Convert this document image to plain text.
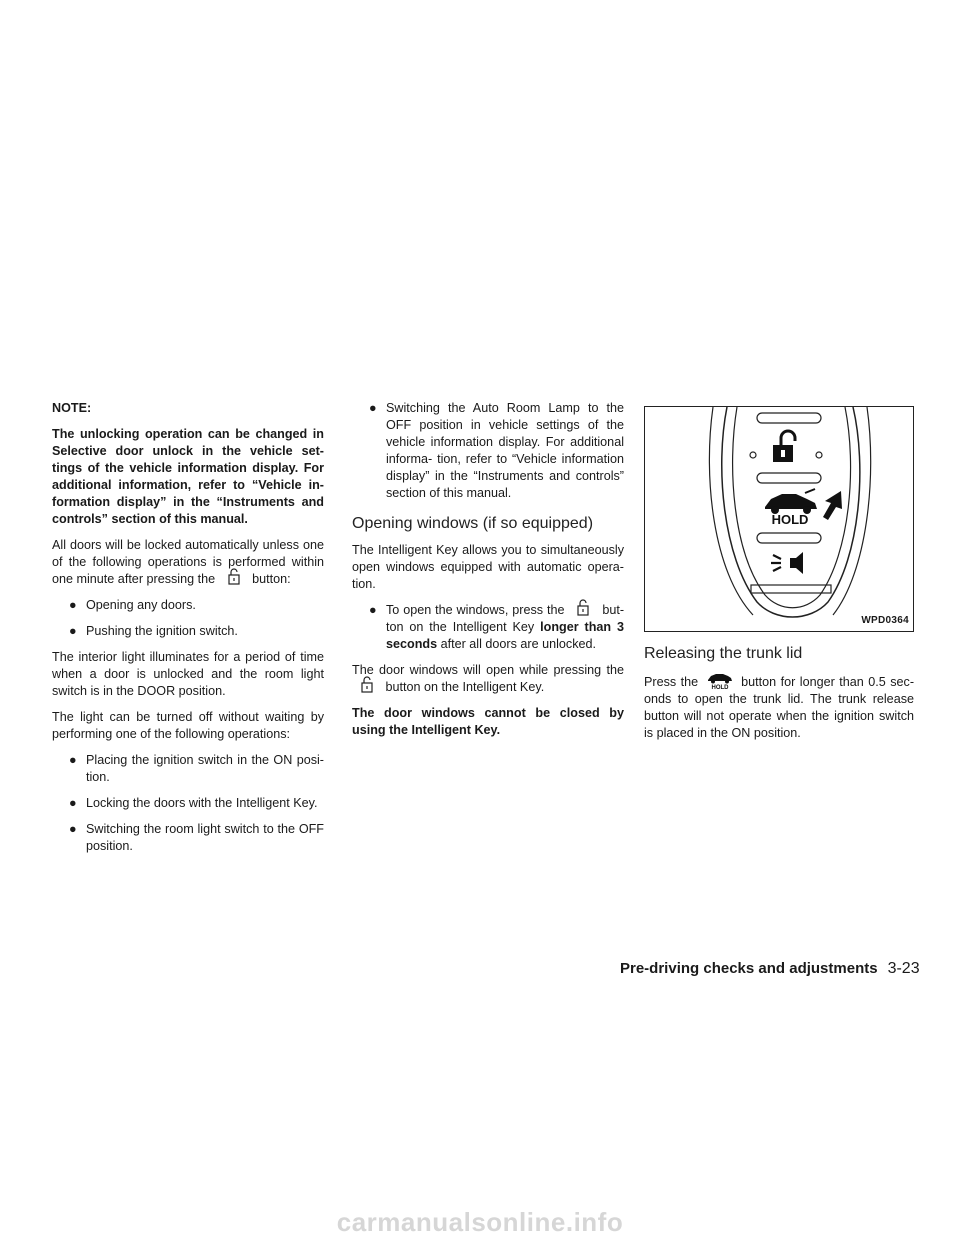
NOTE:

The unlocking operation can be changed in Selective door unlock in the vehicle set- tings of the vehicle information display. For additional information, refer to “Vehicle in- formation display” in the “Instruments and controls” section of this manual.

All doors will be locked automatically unless one of the following operations is performed within one minute after pressing the	button:

● Opening any doors.
● Pushing the ignition switch.

The interior light illuminates for a period of time when a door is unlocked and the room light switch is in the DOOR position.

The light can be turned off without waiting by performing one of the following operations:

● Placing the ignition switch in the ON posi- tion.
● Locking the doors with the Intelligent Key.
● Switching the room light switch to the OFF position.
● Switching the Auto Room Lamp to the OFF position in vehicle settings of the vehicle information display. For additional informa- tion, refer to “Vehicle information display” in the “Instruments and controls” section of this manual.
Opening windows (if so equipped)

The Intelligent Key allows you to simultaneously open windows equipped with automatic opera- tion.

● To open the windows, press the	but- ton on the Intelligent Key longer than 3 seconds after all doors are unlocked.

The door windows will open while pressing the
button on the Intelligent Key.

The door windows cannot be closed by using the Intelligent Key.

HOLD
WPD0364
Releasing the trunk lid

Press the HOLD button for longer than 0.5 sec- onds to open the trunk lid. The trunk release button will not operate when the ignition switch is placed in the ON position.

Pre-driving checks and adjustments 3-23
carmanualsonline.info
